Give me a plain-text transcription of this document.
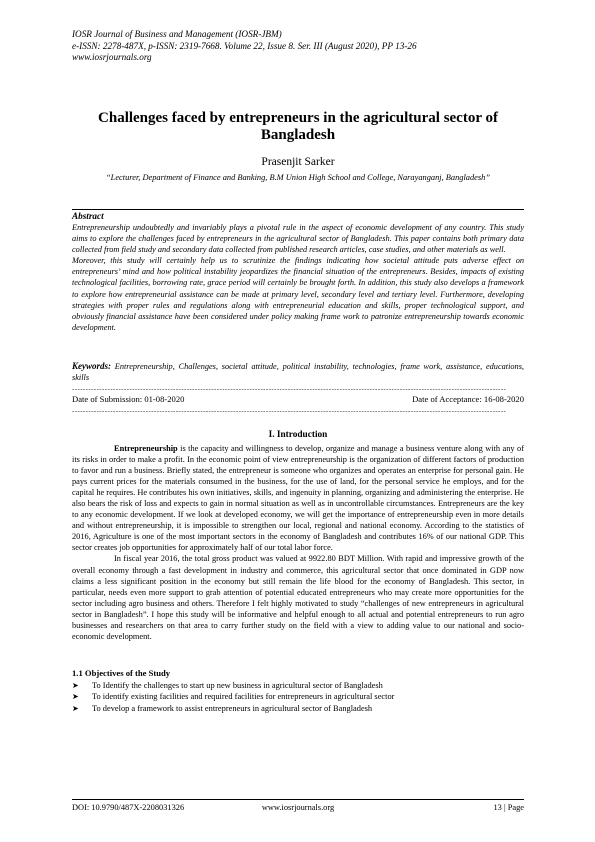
IOSR Journal of Business and Management (IOSR-JBM)
e-ISSN: 2278-487X, p-ISSN: 2319-7668. Volume 22, Issue 8. Ser. III (August 2020), PP 13-26
www.iosrjournals.org
Challenges faced by entrepreneurs in the agricultural sector of Bangladesh
Prasenjit Sarker
“Lecturer, Department of Finance and Banking, B.M Union High School and College, Narayanganj, Bangladesh”
Abstract

Entrepreneurship undoubtedly and invariably plays a pivotal rule in the aspect of economic development of any country. This study aims to explore the challenges faced by entrepreneurs in the agricultural sector of Bangladesh. This paper contains both primary data collected from field study and secondary data collected from published research articles, case studies, and other materials as well.

Moreover, this study will certainly help us to scrutinize the findings indicating how societal attitude puts adverse effect on entrepreneurs’ mind and how political instability jeopardizes the financial situation of the entrepreneurs. Besides, impacts of existing technological facilities, borrowing rate, grace period will certainly be brought forth. In addition, this study also develops a framework to explore how entrepreneurial assistance can be made at primary level, secondary level and tertiary level. Furthermore, developing strategies with proper rules and regulations along with entrepreneurial education and skills, proper technological support, and obviously financial assistance have been considered under policy making frame work to patronize entrepreneurship towards economic development.

Keywords: Entrepreneurship, Challenges, societal attitude, political instability, technologies, frame work, assistance, educations, skills
---------------------------------------------------------------------------------------------------------------------------------------------------------------
Date of Submission: 01-08-2020	Date of Acceptance: 16-08-2020
---------------------------------------------------------------------------------------------------------------------------------------------------------------
I. Introduction

Entrepreneurship is the capacity and willingness to develop, organize and manage a business venture along with any of its risks in order to make a profit. In the economic point of view entrepreneurship is the organization of different factors of production to favor and run a business. Briefly stated, the entrepreneur is someone who organizes and operates an enterprise for personal gain. He pays current prices for the materials consumed in the business, for the use of land, for the personal service he employs, and for the capital he requires. He contributes his own initiatives, skills, and ingenuity in planning, organizing and administering the enterprise. He also bears the risk of loss and expects to gain in normal situation as well as in uncontrollable circumstances. Entrepreneurs are the key to any economic development. If we look at developed economy, we will get the importance of entrepreneurship even in more details and without entrepreneurship, it is impossible to strengthen our local, regional and national economy. According to the statistics of 2016, Agriculture is one of the most important sectors in the economy of Bangladesh and contributes 16% of our national GDP. This sector creates job opportunities for approximately half of our total labor force.

In fiscal year 2016, the total gross product was valued at 9922.80 BDT Million. With rapid and impressive growth of the overall economy through a fast development in industry and commerce, this agricultural sector that once dominated in GDP now claims a less significant position in the economy but still remain the life blood for the economy of Bangladesh. This sector, in particular, needs even more support to grab attention of potential educated entrepreneurs who may create more opportunities for the sector including agro business and others. Therefore I felt highly motivated to study “challenges of new entrepreneurs in agricultural sector in Bangladesh”. I hope this study will be informative and helpful enough to all actual and potential entrepreneurs to run agro businesses and researchers on that area to carry further study on the field with a view to adding value to our national and socio-economic development.

1.1 Objectives of the Study
➤	To Identify the challenges to start up new business in agricultural sector of Bangladesh
➤	To identify existing facilities and required facilities for entrepreneurs in agricultural sector
➤	To develop a framework to assist entrepreneurs in agricultural sector of Bangladesh
DOI: 10.9790/487X-2208031326	www.iosrjournals.org	13 | Page
